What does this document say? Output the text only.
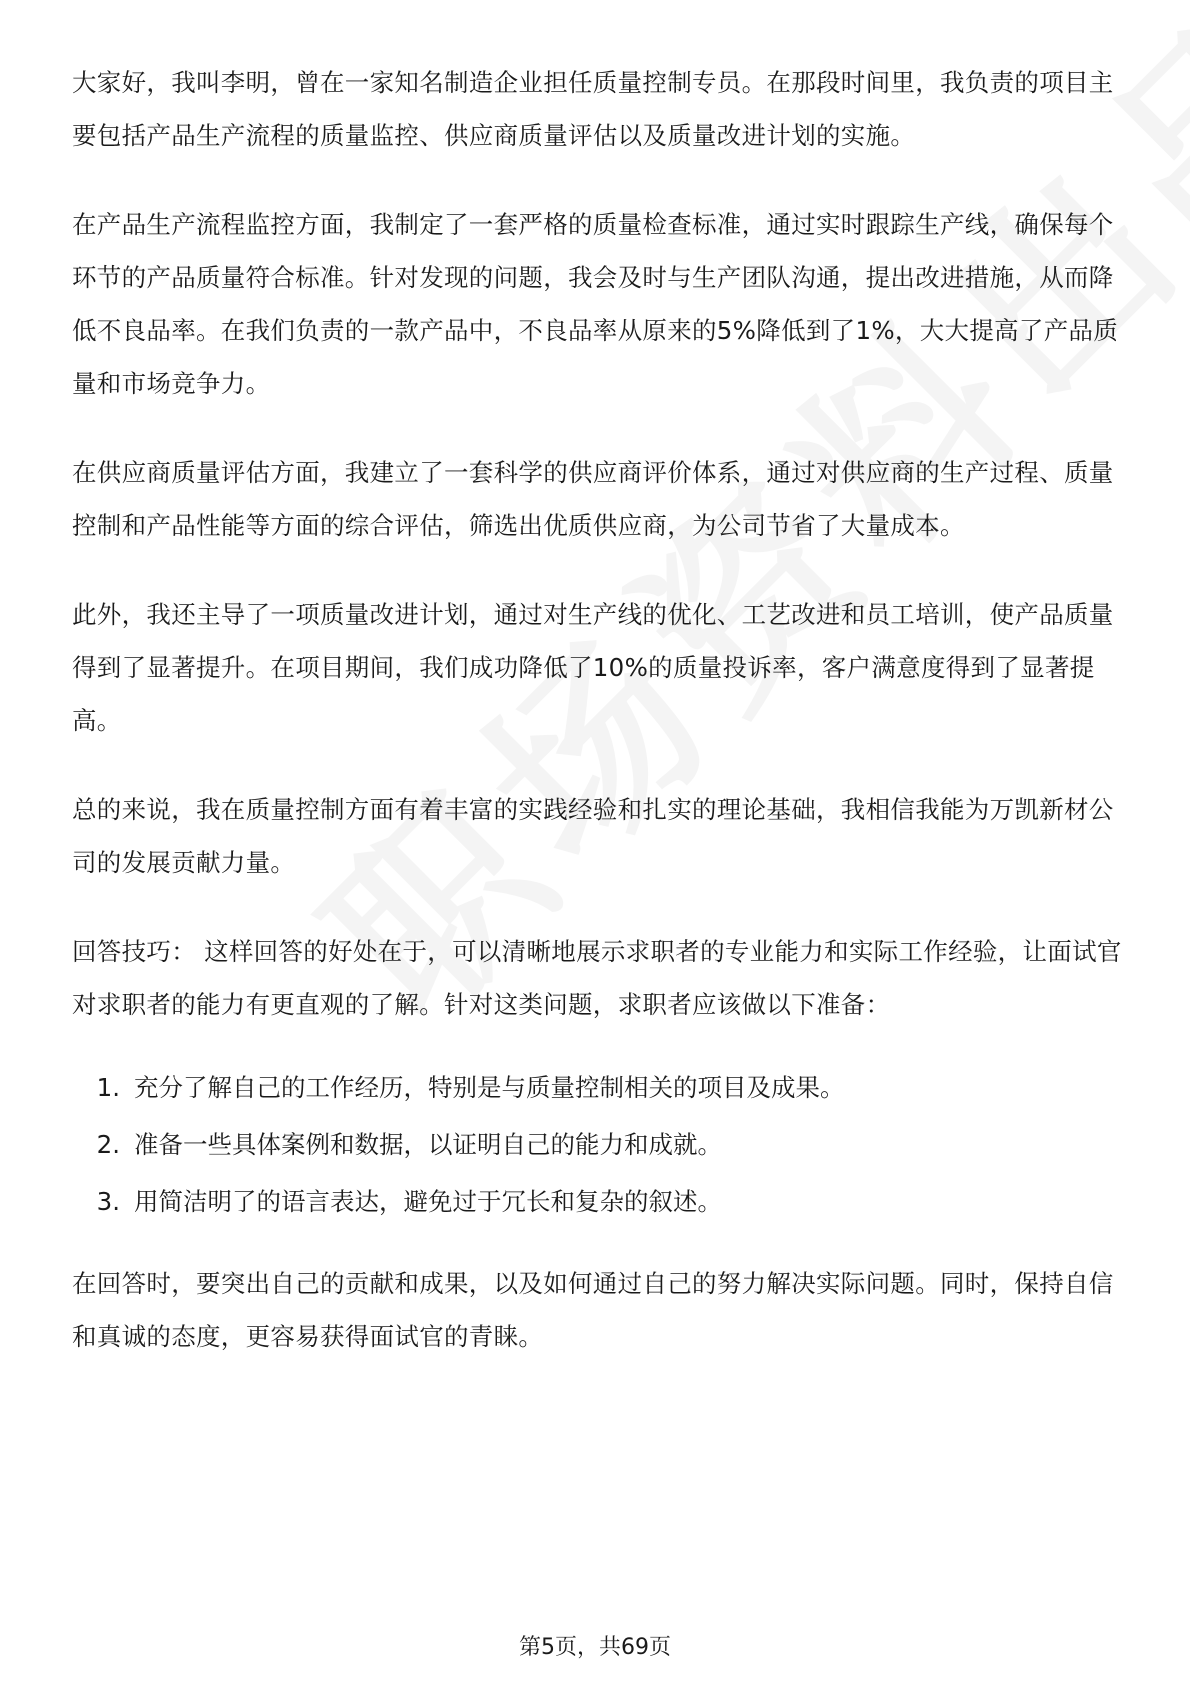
大家好，我叫李明，曾在一家知名制造企业担任质量控制专员。在那段时间里，我负责的项目主要包括产品生产流程的质量监控、供应商质量评估以及质量改进计划的实施。

在产品生产流程监控方面，我制定了一套严格的质量检查标准，通过实时跟踪生产线，确保每个环节的产品质量符合标准。针对发现的问题，我会及时与生产团队沟通，提出改进措施，从而降低不良品率。在我们负责的一款产品中，不良品率从原来的5%降低到了1%，大大提高了产品质量和市场竞争力。

在供应商质量评估方面，我建立了一套科学的供应商评价体系，通过对供应商的生产过程、质量控制和产品性能等方面的综合评估，筛选出优质供应商，为公司节省了大量成本。

此外，我还主导了一项质量改进计划，通过对生产线的优化、工艺改进和员工培训，使产品质量得到了显著提升。在项目期间，我们成功降低了10%的质量投诉率，客户满意度得到了显著提高。

总的来说，我在质量控制方面有着丰富的实践经验和扎实的理论基础，我相信我能为万凯新材公司的发展贡献力量。

回答技巧： 这样回答的好处在于，可以清晰地展示求职者的专业能力和实际工作经验，让面试官对求职者的能力有更直观的了解。针对这类问题，求职者应该做以下准备：

1. 充分了解自己的工作经历，特别是与质量控制相关的项目及成果。
2. 准备一些具体案例和数据，以证明自己的能力和成就。
3. 用简洁明了的语言表达，避免过于冗长和复杂的叙述。

在回答时，要突出自己的贡献和成果，以及如何通过自己的努力解决实际问题。同时，保持自信和真诚的态度，更容易获得面试官的青睐。

第5页，共69页
